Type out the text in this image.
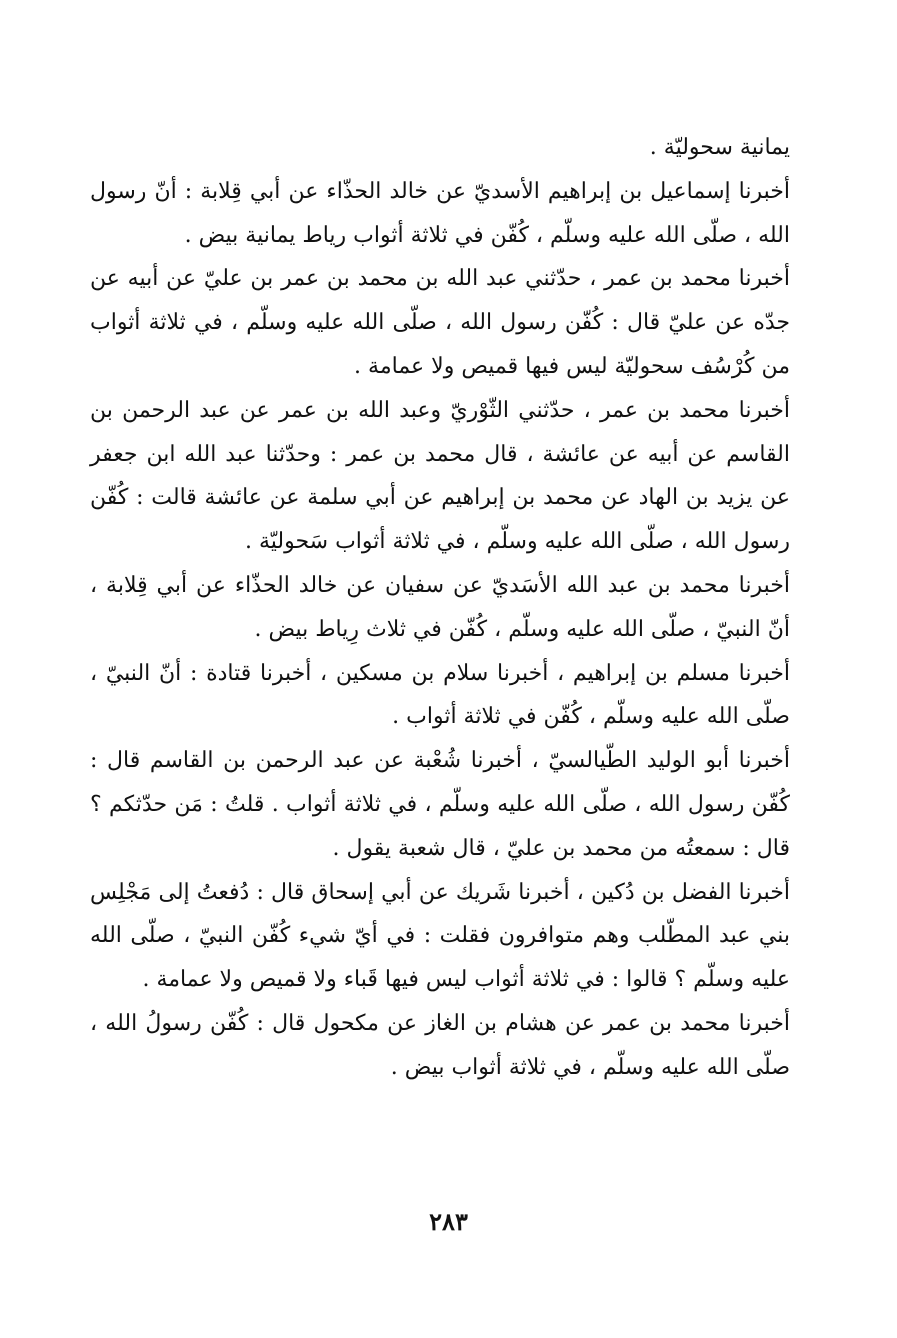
يمانية سحوليّة .

أخبرنا إسماعيل بن إبراهيم الأسديّ عن خالد الحذّاء عن أبي قِلابة : أنّ رسول الله ، صلّى الله عليه وسلّم ، كُفّن في ثلاثة أثواب رياط يمانية بيض .

أخبرنا محمد بن عمر ، حدّثني عبد الله بن محمد بن عمر بن عليّ عن أبيه عن جدّه عن عليّ قال : كُفّن رسول الله ، صلّى الله عليه وسلّم ، في ثلاثة أثواب من كُرْسُف سحوليّة ليس فيها قميص ولا عمامة .

أخبرنا محمد بن عمر ، حدّثني الثّوْريّ وعبد الله بن عمر عن عبد الرحمن بن القاسم عن أبيه عن عائشة ، قال محمد بن عمر : وحدّثنا عبد الله ابن جعفر عن يزيد بن الهاد عن محمد بن إبراهيم عن أبي سلمة عن عائشة قالت : كُفّن رسول الله ، صلّى الله عليه وسلّم ، في ثلاثة أثواب سَحوليّة .

أخبرنا محمد بن عبد الله الأسَديّ عن سفيان عن خالد الحذّاء عن أبي قِلابة ، أنّ النبيّ ، صلّى الله عليه وسلّم ، كُفّن في ثلاث رِياط بيض .

أخبرنا مسلم بن إبراهيم ، أخبرنا سلام بن مسكين ، أخبرنا قتادة : أنّ النبيّ ، صلّى الله عليه وسلّم ، كُفّن في ثلاثة أثواب .

أخبرنا أبو الوليد الطّيالسيّ ، أخبرنا شُعْبة عن عبد الرحمن بن القاسم قال : كُفّن رسول الله ، صلّى الله عليه وسلّم ، في ثلاثة أثواب . قلتُ : مَن حدّثكم ؟ قال : سمعتُه من محمد بن عليّ ، قال شعبة يقول .

أخبرنا الفضل بن دُكين ، أخبرنا شَريك عن أبي إسحاق قال : دُفعتُ إلى مَجْلِس بني عبد المطّلب وهم متوافرون فقلت : في أيّ شيء كُفّن النبيّ ، صلّى الله عليه وسلّم ؟ قالوا : في ثلاثة أثواب ليس فيها قَباء ولا قميص ولا عمامة .

أخبرنا محمد بن عمر عن هشام بن الغاز عن مكحول قال : كُفّن رسولُ الله ، صلّى الله عليه وسلّم ، في ثلاثة أثواب بيض .

٢٨٣
